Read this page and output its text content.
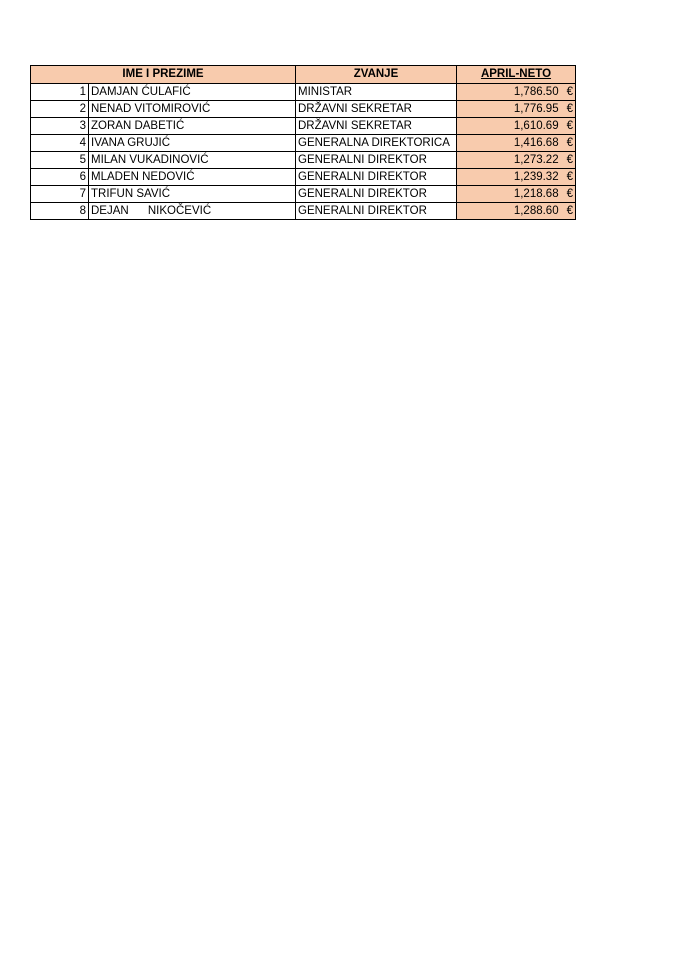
IME I PREZIME		ZVANJE	APRIL-NETO
1	DAMJAN ĆULAFIĆ	MINISTAR	1,786.50 €
2	NENAD VITOMIROVIĆ	DRŽAVNI SEKRETAR	1,776.95 €
3	ZORAN DABETIĆ	DRŽAVNI SEKRETAR	1,610.69 €
4	IVANA GRUJIĆ	GENERALNA DIREKTORICA	1,416.68 €
5	MILAN VUKADINOVIĆ	GENERALNI DIREKTOR	1,273.22 €
6	MLADEN NEDOVIĆ	GENERALNI DIREKTOR	1,239.32 €
7	TRIFUN SAVIĆ	GENERALNI DIREKTOR	1,218.68 €
8	DEJAN      NIKOČEVIĆ	GENERALNI DIREKTOR	1,288.60 €
